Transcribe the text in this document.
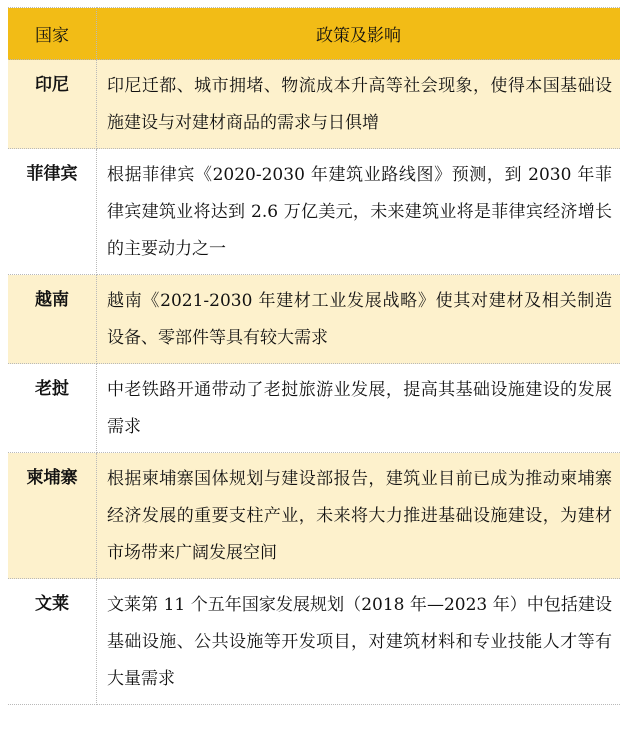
国家	政策及影响
印尼	印尼迁都、城市拥堵、物流成本升高等社会现象，使得本国基础设施建设与对建材商品的需求与日俱增
菲律宾	根据菲律宾《2020-2030 年建筑业路线图》预测，到 2030 年菲律宾建筑业将达到 2.6 万亿美元，未来建筑业将是菲律宾经济增长的主要动力之一
越南	越南《2021-2030 年建材工业发展战略》使其对建材及相关制造设备、零部件等具有较大需求
老挝	中老铁路开通带动了老挝旅游业发展，提高其基础设施建设的发展需求
柬埔寨	根据柬埔寨国体规划与建设部报告，建筑业目前已成为推动柬埔寨经济发展的重要支柱产业，未来将大力推进基础设施建设，为建材市场带来广阔发展空间
文莱	文莱第 11 个五年国家发展规划（2018 年—2023 年）中包括建设基础设施、公共设施等开发项目，对建筑材料和专业技能人才等有大量需求
